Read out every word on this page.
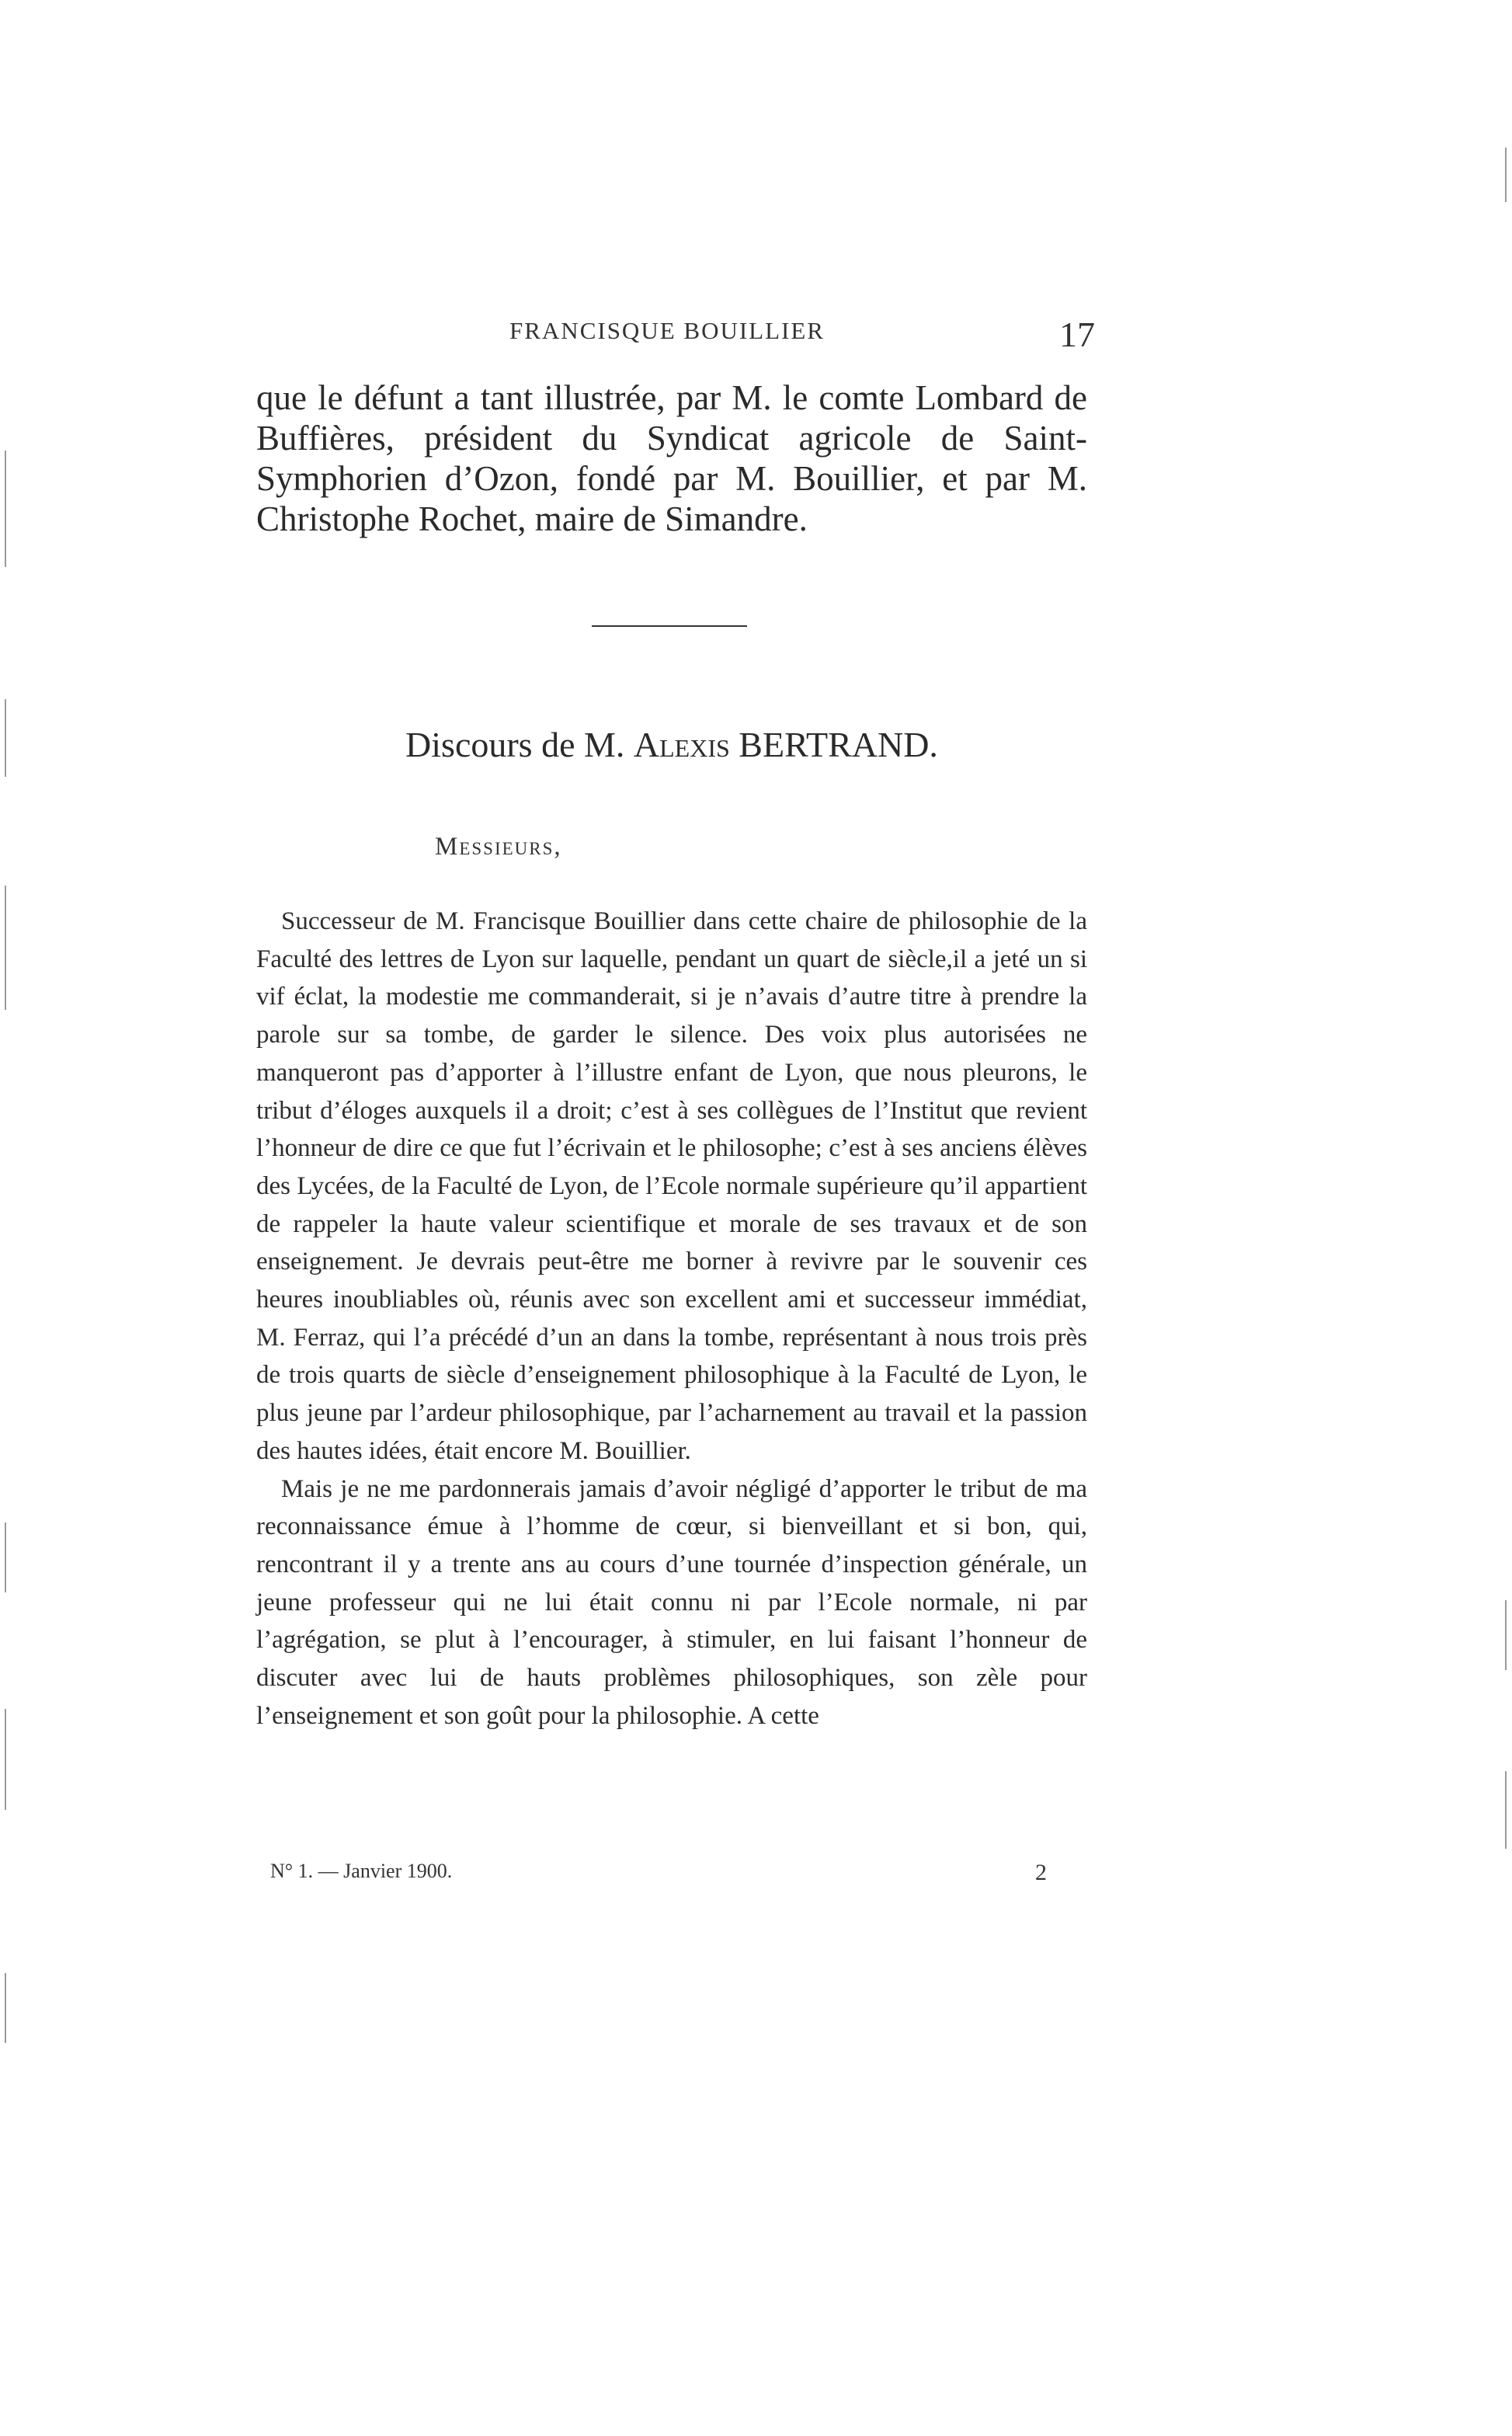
FRANCISQUE BOUILLIER	17
que le défunt a tant illustrée, par M. le comte Lombard de Buffières, président du Syndicat agricole de Saint-Symphorien d’Ozon, fondé par M. Bouillier, et par M. Christophe Rochet, maire de Simandre.
Discours de M. Alexis BERTRAND.
Messieurs,

Successeur de M. Francisque Bouillier dans cette chaire de philosophie de la Faculté des lettres de Lyon sur laquelle, pendant un quart de siècle,il a jeté un si vif éclat, la modestie me commanderait, si je n’avais d’autre titre à prendre la parole sur sa tombe, de garder le silence. Des voix plus autorisées ne manqueront pas d’apporter à l’illustre enfant de Lyon, que nous pleurons, le tribut d’éloges auxquels il a droit; c’est à ses collègues de l’Institut que revient l’honneur de dire ce que fut l’écrivain et le philosophe; c’est à ses anciens élèves des Lycées, de la Faculté de Lyon, de l’Ecole normale supérieure qu’il appartient de rappeler la haute valeur scientifique et morale de ses travaux et de son enseignement. Je devrais peut-être me borner à revivre par le souvenir ces heures inoubliables où, réunis avec son excellent ami et successeur immédiat, M. Ferraz, qui l’a précédé d’un an dans la tombe, représentant à nous trois près de trois quarts de siècle d’enseignement philosophique à la Faculté de Lyon, le plus jeune par l’ardeur philosophique, par l’acharnement au travail et la passion des hautes idées, était encore M. Bouillier.

Mais je ne me pardonnerais jamais d’avoir négligé d’apporter le tribut de ma reconnaissance émue à l’homme de cœur, si bienveillant et si bon, qui, rencontrant il y a trente ans au cours d’une tournée d’inspection générale, un jeune professeur qui ne lui était connu ni par l’Ecole normale, ni par l’agrégation, se plut à l’encourager, à stimuler, en lui faisant l’honneur de discuter avec lui de hauts problèmes philosophiques, son zèle pour l’enseignement et son goût pour la philosophie. A cette

N° 1. — Janvier 1900.	2
